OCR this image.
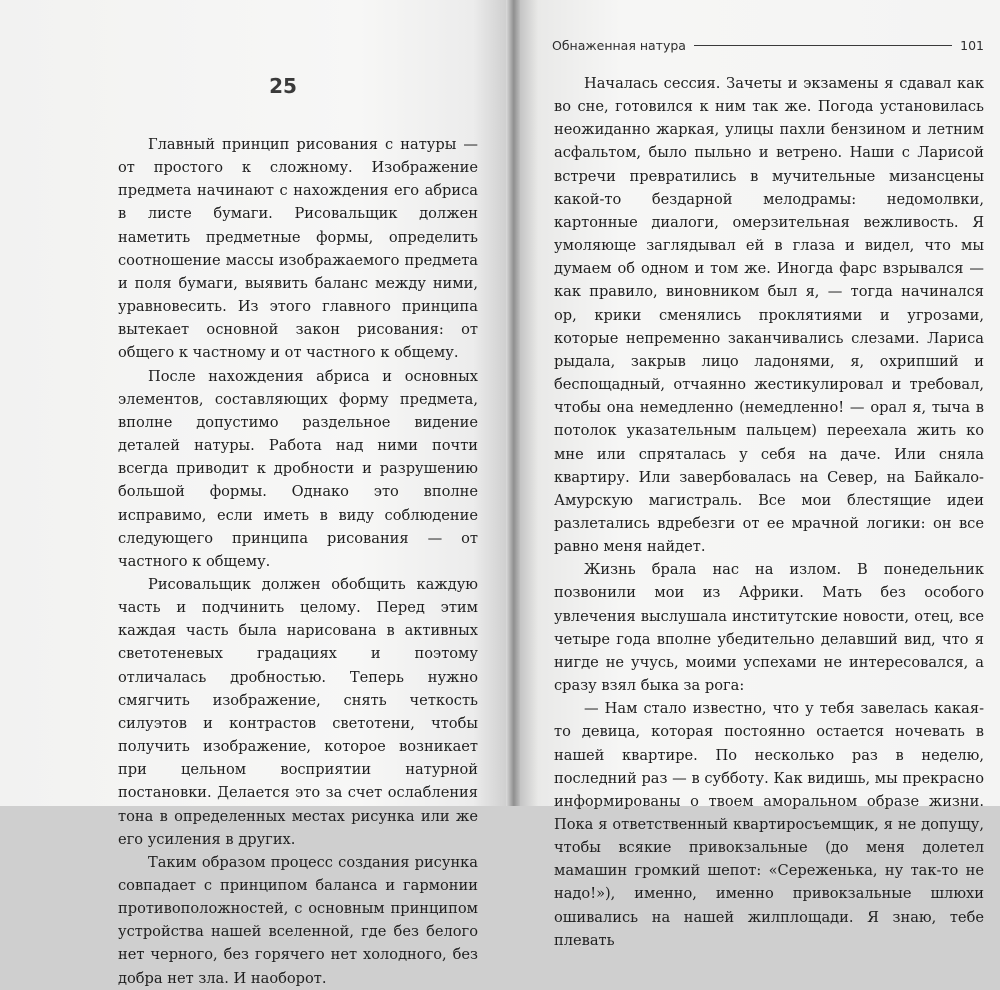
25

Главный принцип рисования с натуры — от простого к сложному. Изображение предмета начинают с нахождения его абриса в листе бумаги. Рисовальщик должен наметить предметные формы, определить соотношение массы изображаемого предмета и поля бумаги, выявить баланс между ними, уравновесить. Из этого главного принципа вытекает основной закон рисования: от общего к частному и от частного к общему.

После нахождения абриса и основных элементов, составляющих форму предмета, вполне допустимо раздельное видение деталей натуры. Работа над ними почти всегда приводит к дробности и разрушению большой формы. Однако это вполне исправимо, если иметь в виду соблюдение следующего принципа рисования — от частного к общему.

Рисовальщик должен обобщить каждую часть и подчинить целому. Перед этим каждая часть была нарисована в активных светотеневых градациях и поэтому отличалась дробностью. Теперь нужно смягчить изображение, снять четкость силуэтов и контрастов светотени, чтобы получить изображение, которое возникает при цельном восприятии натурной постановки. Делается это за счет ослабления тона в определенных местах рисунка или же его усиления в других.

Таким образом процесс создания рисунка совпадает с принципом баланса и гармонии противоположностей, с основным принципом устройства нашей вселенной, где без белого нет черного, без горячего нет холодного, без добра нет зла. И наоборот.

Обнаженная натура	101

Началась сессия. Зачеты и экзамены я сдавал как во сне, готовился к ним так же. Погода установилась неожиданно жаркая, улицы пахли бензином и летним асфальтом, было пыльно и ветрено. Наши с Ларисой встречи превратились в мучительные мизансцены какой-то бездарной мелодрамы: недомолвки, картонные диалоги, омерзительная вежливость. Я умоляюще заглядывал ей в глаза и видел, что мы думаем об одном и том же. Иногда фарс взрывался — как правило, виновником был я, — тогда начинался ор, крики сменялись проклятиями и угрозами, которые непременно заканчивались слезами. Лариса рыдала, закрыв лицо ладонями, я, охрипший и беспощадный, отчаянно жестикулировал и требовал, чтобы она немедленно (немедленно! — орал я, тыча в потолок указательным пальцем) переехала жить ко мне или спряталась у себя на даче. Или сняла квартиру. Или завербовалась на Север, на Байкало-Амурскую магистраль. Все мои блестящие идеи разлетались вдребезги от ее мрачной логики: он все равно меня найдет.

Жизнь брала нас на излом. В понедельник позвонили мои из Африки. Мать без особого увлечения выслушала институтские новости, отец, все четыре года вполне убедительно делавший вид, что я нигде не учусь, моими успехами не интересовался, а сразу взял быка за рога:

— Нам стало известно, что у тебя завелась какая-то девица, которая постоянно остается ночевать в нашей квартире. По несколько раз в неделю, последний раз — в субботу. Как видишь, мы прекрасно информированы о твоем аморальном образе жизни. Пока я ответственный квартиросъемщик, я не допущу, чтобы всякие привокзальные (до меня долетел мамашин громкий шепот: «Сереженька, ну так-то не надо!»), именно, именно привокзальные шлюхи ошивались на нашей жилплощади. Я знаю, тебе плевать
